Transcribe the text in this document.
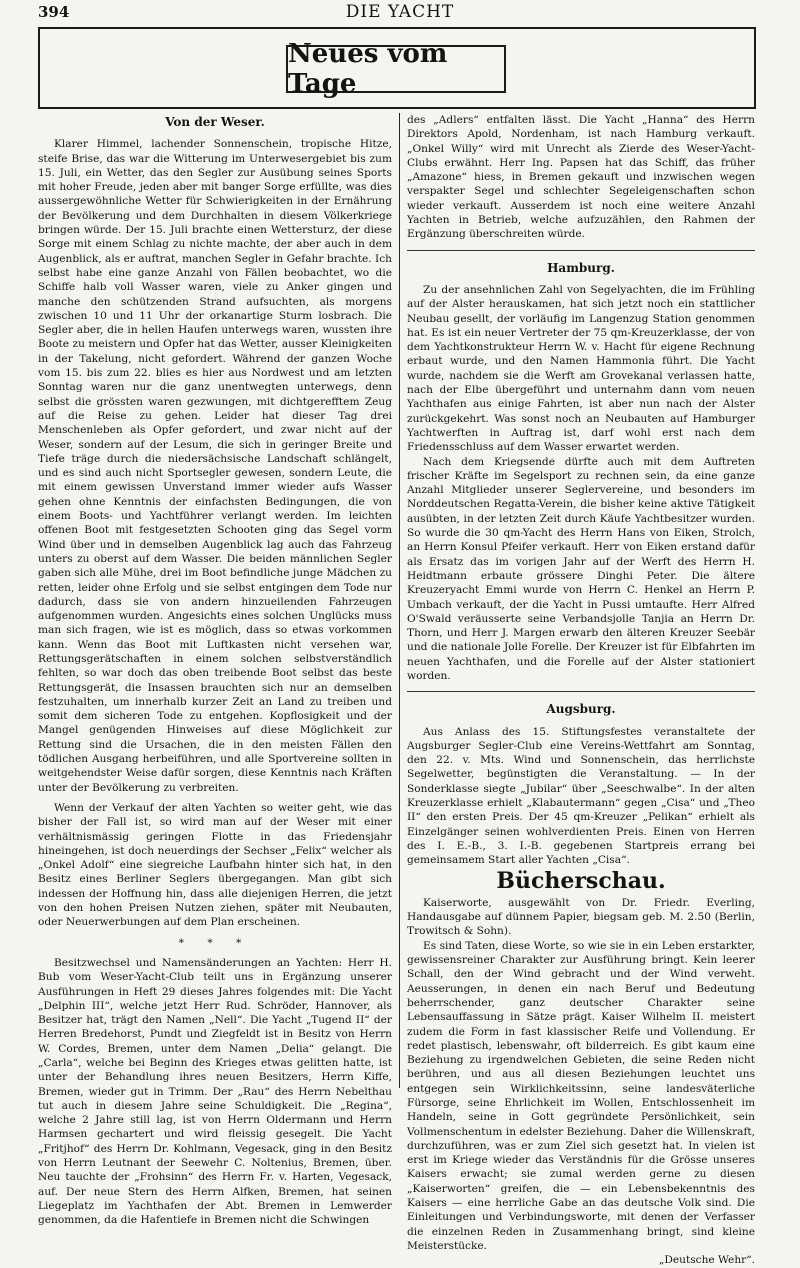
394	DIE YACHT
Neues vom Tage
Von der Weser.

Klarer Himmel, lachender Sonnenschein, tropische Hitze, steife Brise, das war die Witterung im Unterwesergebiet bis zum 15. Juli, ein Wetter, das den Segler zur Ausübung seines Sports mit hoher Freude, jeden aber mit banger Sorge erfüllte, was dies aussergewöhnliche Wetter für Schwierigkeiten in der Ernährung der Bevölkerung und dem Durchhalten in diesem Völkerkriege bringen würde. Der 15. Juli brachte einen Wettersturz, der diese Sorge mit einem Schlag zu nichte machte, der aber auch in dem Augenblick, als er auftrat, manchen Segler in Gefahr brachte. Ich selbst habe eine ganze Anzahl von Fällen beobachtet, wo die Schiffe halb voll Wasser waren, viele zu Anker gingen und manche den schützenden Strand aufsuchten, als morgens zwischen 10 und 11 Uhr der orkanartige Sturm losbrach. Die Segler aber, die in hellen Haufen unterwegs waren, wussten ihre Boote zu meistern und Opfer hat das Wetter, ausser Kleinigkeiten in der Takelung, nicht gefordert. Während der ganzen Woche vom 15. bis zum 22. blies es hier aus Nordwest und am letzten Sonntag waren nur die ganz unentwegten unterwegs, denn selbst die grössten waren gezwungen, mit dichtgerefftem Zeug auf die Reise zu gehen. Leider hat dieser Tag drei Menschenleben als Opfer gefordert, und zwar nicht auf der Weser, sondern auf der Lesum, die sich in geringer Breite und Tiefe träge durch die niedersächsische Landschaft schlängelt, und es sind auch nicht Sportsegler gewesen, sondern Leute, die mit einem gewissen Unverstand immer wieder aufs Wasser gehen ohne Kenntnis der einfachsten Bedingungen, die von einem Boots- und Yachtführer verlangt werden. Im leichten offenen Boot mit festgesetzten Schooten ging das Segel vorm Wind über und in demselben Augenblick lag auch das Fahrzeug unters zu oberst auf dem Wasser. Die beiden männlichen Segler gaben sich alle Mühe, drei im Boot befindliche junge Mädchen zu retten, leider ohne Erfolg und sie selbst entgingen dem Tode nur dadurch, dass sie von andern hinzueilenden Fahrzeugen aufgenommen wurden. Angesichts eines solchen Unglücks muss man sich fragen, wie ist es möglich, dass so etwas vorkommen kann. Wenn das Boot mit Luftkasten nicht versehen war, Rettungsgerätschaften in einem solchen selbstverständlich fehlten, so war doch das oben treibende Boot selbst das beste Rettungsgerät, die Insassen brauchten sich nur an demselben festzuhalten, um innerhalb kurzer Zeit an Land zu treiben und somit dem sicheren Tode zu entgehen. Kopflosigkeit und der Mangel genügenden Hinweises auf diese Möglichkeit zur Rettung sind die Ursachen, die in den meisten Fällen den tödlichen Ausgang herbeiführen, und alle Sportvereine sollten in weitgehendster Weise dafür sorgen, diese Kenntnis nach Kräften unter der Bevölkerung zu verbreiten.

Wenn der Verkauf der alten Yachten so weiter geht, wie das bisher der Fall ist, so wird man auf der Weser mit einer verhältnismässig geringen Flotte in das Friedensjahr hineingehen, ist doch neuerdings der Sechser „Felix“ welcher als „Onkel Adolf“ eine siegreiche Laufbahn hinter sich hat, in den Besitz eines Berliner Seglers übergegangen. Man gibt sich indessen der Hoffnung hin, dass alle diejenigen Herren, die jetzt von den hohen Preisen Nutzen ziehen, später mit Neubauten, oder Neuerwerbungen auf dem Plan erscheinen.

* * *

Besitzwechsel und Namensänderungen an Yachten: Herr H. Bub vom Weser-Yacht-Club teilt uns in Ergänzung unserer Ausführungen in Heft 29 dieses Jahres folgendes mit: Die Yacht „Delphin III“, welche jetzt Herr Rud. Schröder, Hannover, als Besitzer hat, trägt den Namen „Nell“. Die Yacht „Tugend II“ der Herren Bredehorst, Pundt und Ziegfeldt ist in Besitz von Herrn W. Cordes, Bremen, unter dem Namen „Delia“ gelangt. Die „Carla“, welche bei Beginn des Krieges etwas gelitten hatte, ist unter der Behandlung ihres neuen Besitzers, Herrn Kiffe, Bremen, wieder gut in Trimm. Der „Rau“ des Herrn Nebelthau tut auch in diesem Jahre seine Schuldigkeit. Die „Regina“, welche 2 Jahre still lag, ist von Herrn Oldermann und Herrn Harmsen gechartert und wird fleissig gesegelt. Die Yacht „Fritjhof“ des Herrn Dr. Kohlmann, Vegesack, ging in den Besitz von Herrn Leutnant der Seewehr C. Noltenius, Bremen, über. Neu tauchte der „Frohsinn“ des Herrn Fr. v. Harten, Vegesack, auf. Der neue Stern des Herrn Alfken, Bremen, hat seinen Liegeplatz im Yachthafen der Abt. Bremen in Lemwerder genommen, da die Hafentiefe in Bremen nicht die Schwingen

des „Adlers“ entfalten lässt. Die Yacht „Hanna“ des Herrn Direktors Apold, Nordenham, ist nach Hamburg verkauft. „Onkel Willy“ wird mit Unrecht als Zierde des Weser-Yacht-Clubs erwähnt. Herr Ing. Papsen hat das Schiff, das früher „Amazone“ hiess, in Bremen gekauft und inzwischen wegen verspakter Segel und schlechter Segeleigenschaften schon wieder verkauft. Ausserdem ist noch eine weitere Anzahl Yachten in Betrieb, welche aufzuzählen, den Rahmen der Ergänzung überschreiten würde.

Hamburg.

Zu der ansehnlichen Zahl von Segelyachten, die im Frühling auf der Alster herauskamen, hat sich jetzt noch ein stattlicher Neubau gesellt, der vorläufig im Langenzug Station genommen hat. Es ist ein neuer Vertreter der 75 qm-Kreuzerklasse, der von dem Yachtkonstrukteur Herrn W. v. Hacht für eigene Rechnung erbaut wurde, und den Namen Hammonia führt. Die Yacht wurde, nachdem sie die Werft am Grovekanal verlassen hatte, nach der Elbe übergeführt und unternahm dann vom neuen Yachthafen aus einige Fahrten, ist aber nun nach der Alster zurückgekehrt. Was sonst noch an Neubauten auf Hamburger Yachtwerften in Auftrag ist, darf wohl erst nach dem Friedensschluss auf dem Wasser erwartet werden.

Nach dem Kriegsende dürfte auch mit dem Auftreten frischer Kräfte im Segelsport zu rechnen sein, da eine ganze Anzahl Mitglieder unserer Seglervereine, und besonders im Norddeutschen Regatta-Verein, die bisher keine aktive Tätigkeit ausübten, in der letzten Zeit durch Käufe Yachtbesitzer wurden. So wurde die 30 qm-Yacht des Herrn Hans von Eiken, Strolch, an Herrn Konsul Pfeifer verkauft. Herr von Eiken erstand dafür als Ersatz das im vorigen Jahr auf der Werft des Herrn H. Heidtmann erbaute grössere Dinghi Peter. Die ältere Kreuzeryacht Emmi wurde von Herrn C. Henkel an Herrn P. Umbach verkauft, der die Yacht in Pussi umtaufte. Herr Alfred O'Swald veräusserte seine Verbandsjolle Tanjia an Herrn Dr. Thorn, und Herr J. Margen erwarb den älteren Kreuzer Seebär und die nationale Jolle Forelle. Der Kreuzer ist für Elbfahrten im neuen Yachthafen, und die Forelle auf der Alster stationiert worden.

Augsburg.

Aus Anlass des 15. Stiftungsfestes veranstaltete der Augsburger Segler-Club eine Vereins-Wettfahrt am Sonntag, den 22. v. Mts. Wind und Sonnenschein, das herrlichste Segelwetter, begünstigten die Veranstaltung. — In der Sonderklasse siegte „Jubilar“ über „Seeschwalbe“. In der alten Kreuzerklasse erhielt „Klabautermann“ gegen „Cisa“ und „Theo II“ den ersten Preis. Der 45 qm-Kreuzer „Pelikan“ erhielt als Einzelgänger seinen wohlverdienten Preis. Einen von Herren des I. E.-B., 3. I.-B. gegebenen Startpreis errang bei gemeinsamem Start aller Yachten „Cisa“.

Bücherschau.

Kaiserworte, ausgewählt von Dr. Friedr. Everling, Handausgabe auf dünnem Papier, biegsam geb. M. 2.50 (Berlin, Trowitsch & Sohn).

Es sind Taten, diese Worte, so wie sie in ein Leben erstarkter, gewissensreiner Charakter zur Ausführung bringt. Kein leerer Schall, den der Wind gebracht und der Wind verweht. Aeusserungen, in denen ein nach Beruf und Bedeutung beherrschender, ganz deutscher Charakter seine Lebensauffassung in Sätze prägt. Kaiser Wilhelm II. meistert zudem die Form in fast klassischer Reife und Vollendung. Er redet plastisch, lebenswahr, oft bilderreich. Es gibt kaum eine Beziehung zu irgendwelchen Gebieten, die seine Reden nicht berühren, und aus all diesen Beziehungen leuchtet uns entgegen sein Wirklichkeitssinn, seine landesväterliche Fürsorge, seine Ehrlichkeit im Wollen, Entschlossenheit im Handeln, seine in Gott gegründete Persönlichkeit, sein Vollmenschentum in edelster Beziehung. Daher die Willenskraft, durchzuführen, was er zum Ziel sich gesetzt hat. In vielen ist erst im Kriege wieder das Verständnis für die Grösse unseres Kaisers erwacht; sie zumal werden gerne zu diesen „Kaiserworten“ greifen, die — ein Lebensbekenntnis des Kaisers — eine herrliche Gabe an das deutsche Volk sind. Die Einleitungen und Verbindungsworte, mit denen der Verfasser die einzelnen Reden in Zusammenhang bringt, sind kleine Meisterstücke.

„Deutsche Wehr“.
